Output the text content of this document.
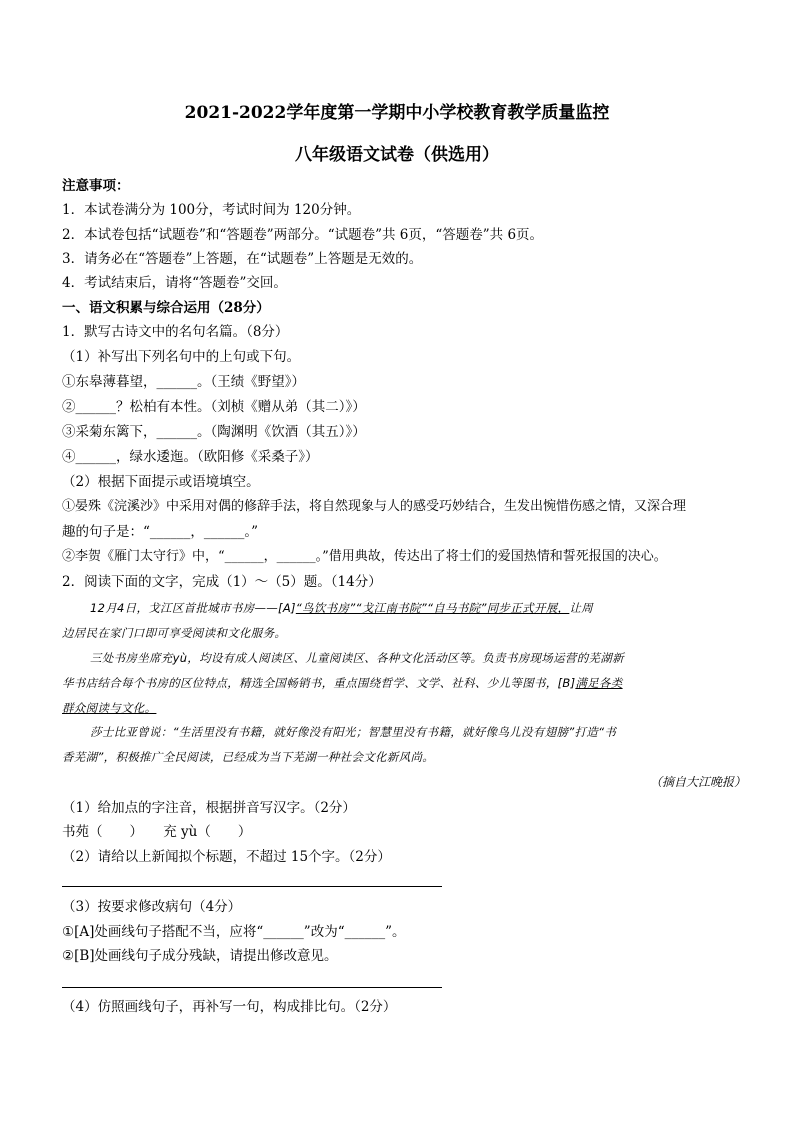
2021-2022学年度第一学期中小学校教育教学质量监控
八年级语文试卷（供选用）
注意事项：
1．本试卷满分为 100分，考试时间为 120分钟。
2．本试卷包括“试题卷”和“答题卷”两部分。“试题卷”共 6页，“答题卷”共 6页。
3．请务必在“答题卷”上答题，在“试题卷”上答题是无效的。
4．考试结束后，请将“答题卷”交回。
一、语文积累与综合运用（28分）
1．默写古诗文中的名句名篇。（8分）
（1）补写出下列名句中的上句或下句。
①东皋薄暮望，______。（王绩《野望》）
②______？松柏有本性。（刘桢《赠从弟（其二）》）
③采菊东篱下，______。（陶渊明《饮酒（其五）》）
④______，绿水逶迤。（欧阳修《采桑子》）
（2）根据下面提示或语境填空。
①晏殊《浣溪沙》中采用对偶的修辞手法，将自然现象与人的感受巧妙结合，生发出惋惜伤感之情，又深合理
趣的句子是：“______，______。”
②李贺《雁门太守行》中，“______，______。”借用典故，传达出了将士们的爱国热情和誓死报国的决心。
2．阅读下面的文字，完成（1）～（5）题。（14分）
12月4日，戈江区首批城市书房——[A]“鸟饮书房”“戈江南书院”“自马书院”同步正式开展，让周
边居民在家门口即可享受阅读和文化服务。
三处书房坐席充yù，均设有成人阅读区、儿童阅读区、各种文化活动区等。负责书房现场运营的芜湖新
华书店结合每个书房的区位特点，精选全国畅销书，重点围绕哲学、文学、社科、少儿等图书，[B]满足各类
群众阅读与文化。
莎士比亚曾说：“生活里没有书籍，就好像没有阳光；智慧里没有书籍，就好像鸟儿没有翅膀”打造“书
香芜湖”，积极推广全民阅读，已经成为当下芜湖一种社会文化新风尚。
（摘自大江晚报）
（1）给加点的字注音，根据拼音写汉字。（2分）
书苑（　　）　　充 yù（　　）
（2）请给以上新闻拟个标题，不超过 15个字。（2分）
（3）按要求修改病句（4分）
①[A]处画线句子搭配不当，应将“______”改为“______”。
②[B]处画线句子成分残缺，请提出修改意见。
（4）仿照画线句子，再补写一句，构成排比句。（2分）
